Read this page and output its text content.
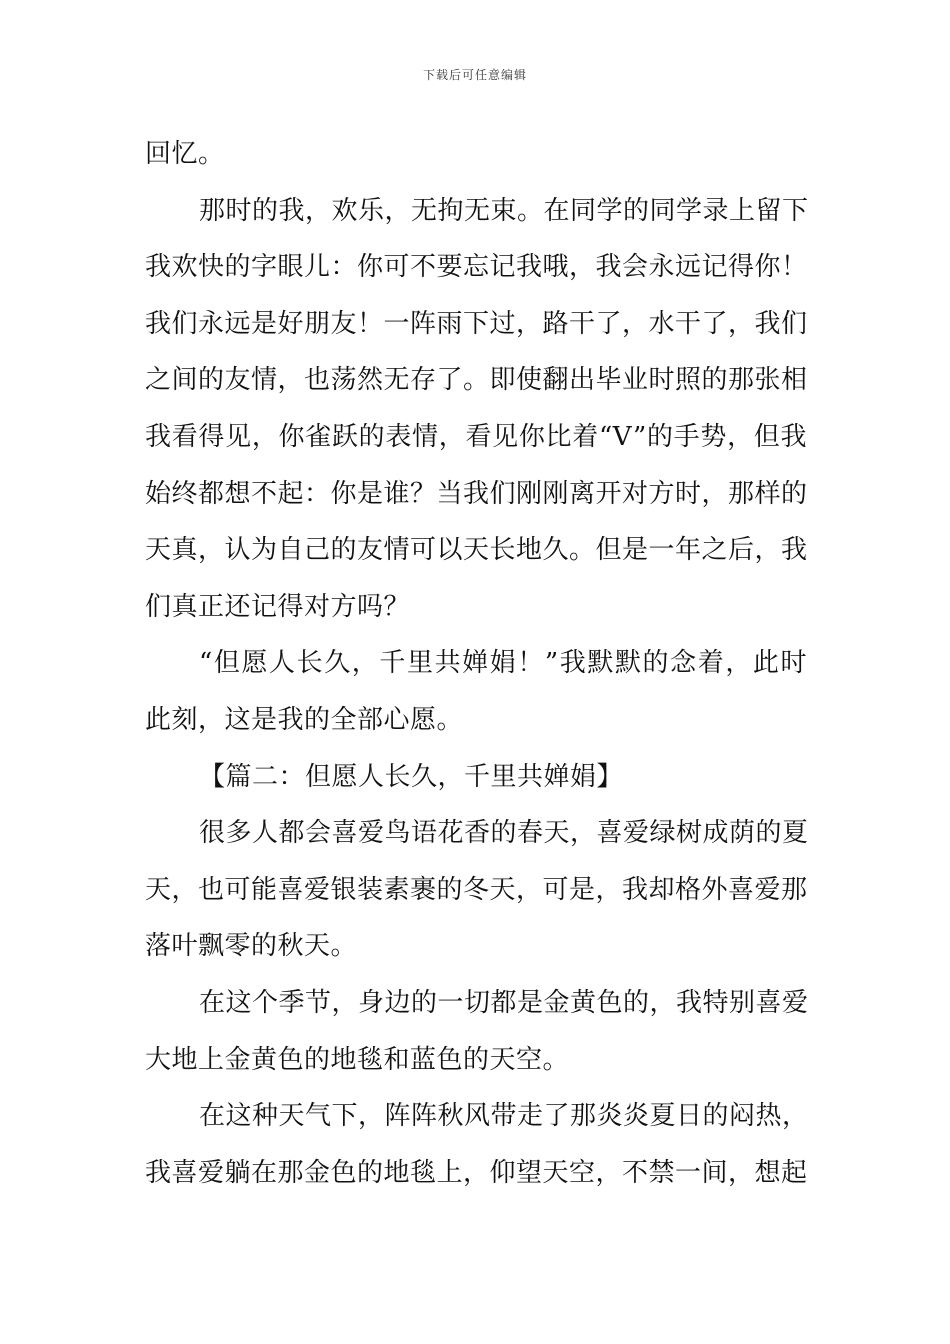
下载后可任意编辑
回忆。
那时的我，欢乐，无拘无束。在同学的同学录上留下
我欢快的字眼儿：你可不要忘记我哦，我会永远记得你！
我们永远是好朋友！一阵雨下过，路干了，水干了，我们
之间的友情，也荡然无存了。即使翻出毕业时照的那张相
我看得见，你雀跃的表情，看见你比着“V”的手势，但我
始终都想不起：你是谁？当我们刚刚离开对方时，那样的
天真，认为自己的友情可以天长地久。但是一年之后，我
们真正还记得对方吗？
“但愿人长久，千里共婵娟！”我默默的念着，此时
此刻，这是我的全部心愿。
【篇二：但愿人长久，千里共婵娟】
很多人都会喜爱鸟语花香的春天，喜爱绿树成荫的夏
天，也可能喜爱银装素裹的冬天，可是，我却格外喜爱那
落叶飘零的秋天。
在这个季节，身边的一切都是金黄色的，我特别喜爱
大地上金黄色的地毯和蓝色的天空。
在这种天气下，阵阵秋风带走了那炎炎夏日的闷热，
我喜爱躺在那金色的地毯上，仰望天空，不禁一间，想起
